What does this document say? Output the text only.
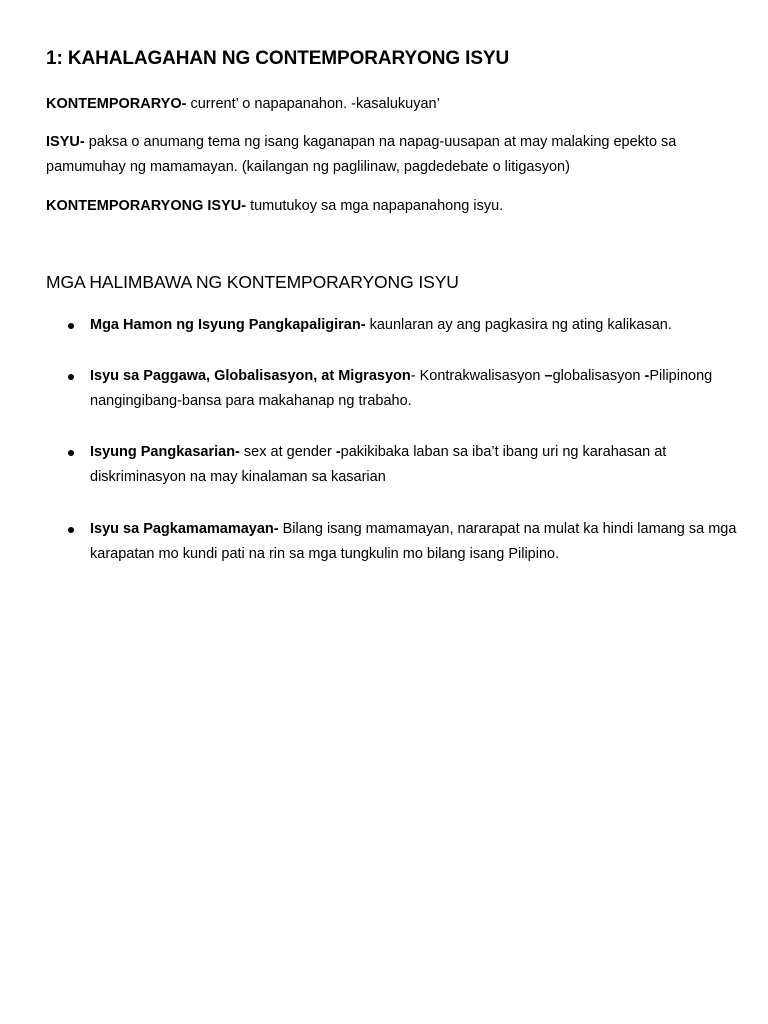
1: KAHALAGAHAN NG CONTEMPORARYONG ISYU

KONTEMPORARYO- current’ o napapanahon. -kasalukuyan’

ISYU- paksa o anumang tema ng isang kaganapan na napag-uusapan at may malaking epekto sa pamumuhay ng mamamayan. (kailangan ng paglilinaw, pagdedebate o litigasyon)

KONTEMPORARYONG ISYU- tumutukoy sa mga napapanahong isyu.

MGA HALIMBAWA NG KONTEMPORARYONG ISYU

Mga Hamon ng Isyung Pangkapaligiran- kaunlaran ay ang pagkasira ng ating kalikasan.

Isyu sa Paggawa, Globalisasyon, at Migrasyon- Kontrakwalisasyon –globalisasyon -Pilipinong nangingibang-bansa para makahanap ng trabaho.

Isyung Pangkasarian- sex at gender -pakikibaka laban sa iba’t ibang uri ng karahasan at diskriminasyon na may kinalaman sa kasarian

Isyu sa Pagkamamamayan- Bilang isang mamamayan, nararapat na mulat ka hindi lamang sa mga karapatan mo kundi pati na rin sa mga tungkulin mo bilang isang Pilipino.
